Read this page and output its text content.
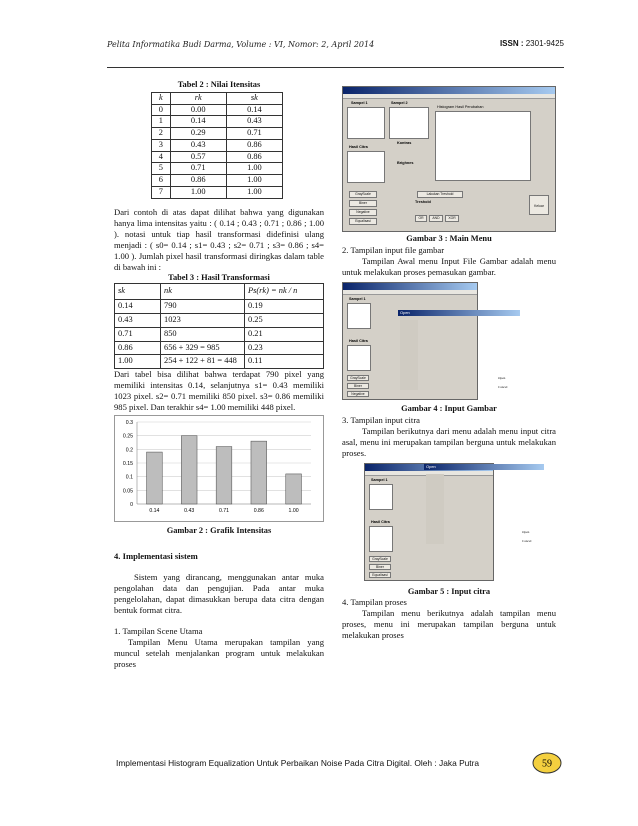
Pelita Informatika Budi Darma, Volume : VI, Nomor: 2, April 2014	ISSN : 2301-9425
Tabel 2 : Nilai Itensitas
k	rk	sk
0	0.00	0.14
1	0.14	0.43
2	0.29	0.71
3	0.43	0.86
4	0.57	0.86
5	0.71	1.00
6	0.86	1.00
7	1.00	1.00

Dari contoh di atas dapat dilihat bahwa yang digunakan hanya lima intensitas yaitu : ( 0.14 ; 0.43 ; 0.71 ; 0.86 ; 1.00 ). notasi untuk tiap hasil transformasi didefinisi ulang menjadi : ( s0= 0.14 ; s1= 0.43 ; s2= 0.71 ; s3= 0.86 ; s4= 1.00 ). Jumlah pixel hasil transformasi diringkas dalam table di bawah ini :

Tabel 3 : Hasil Transformasi
sk	nk	Ps(rk) = nk / n
0.14	790	0.19
0.43	1023	0.25
0.71	850	0.21
0.86	656 + 329 = 985	0.23
1.00	254 + 122 + 81 = 448	0.11

Dari tabel bisa dilihat bahwa terdapat 790 pixel yang memiliki intensitas 0.14, selanjutnya s1= 0.43 memiliki 1023 pixel. s2= 0.71 memiliki 850 pixel. s3= 0.86 memiliki 985 pixel. Dan terakhir s4= 1.00 memiliki 448 pixel.

0
0.05
0.1
0.15
0.2
0.25
0.3
0.14	0.43	0.71	0.86	1.00
Gambar 2 : Grafik Intensitas
4. Implementasi sistem

Sistem yang dirancang, menggunakan antar muka pengolahan data dan pengujian. Pada antar muka pengelolahan, dapat dimasukkan berupa data citra dengan bentuk format citra.

1. Tampilan Scene Utama

Tampilan Menu Utama merupakan tampilan yang muncul setelah menjalankan program untuk melakukan proses

Sampel 1	Sampel 2
Histogram Hasil Perubahan
Hasil Citra
Kontras
Brighnes
GrayScale
Biner
Negative
Equalisasi
Lakukan Treshold
Treshold
OR	AND	XOR
Keluar
Gambar 3 : Main Menu
2. Tampilan input file gambar

Tampilan Awal menu Input File Gambar adalah menu untuk melakukan proses pemasukan gambar.

Sampel 1
Hasil Citra
GrayScale
Biner
Negative
Open
Open
Cancel
Gambar 4 : Input Gambar
3. Tampilan input citra

Tampilan berikutnya dari menu adalah menu input citra asal, menu ini merupakan tampilan berguna untuk melakukan proses.

Sampel 1
Hasil Citra
GrayScale
Biner
Equalisasi
Open
Open
Cancel
Gambar 5 : Input citra
4. Tampilan proses

Tampilan menu berikutnya adalah tampilan menu proses, menu ini merupakan tampilan berguna untuk melakukan proses

Implementasi Histogram Equalization Untuk Perbaikan Noise Pada Citra Digital. Oleh : Jaka Putra	59
